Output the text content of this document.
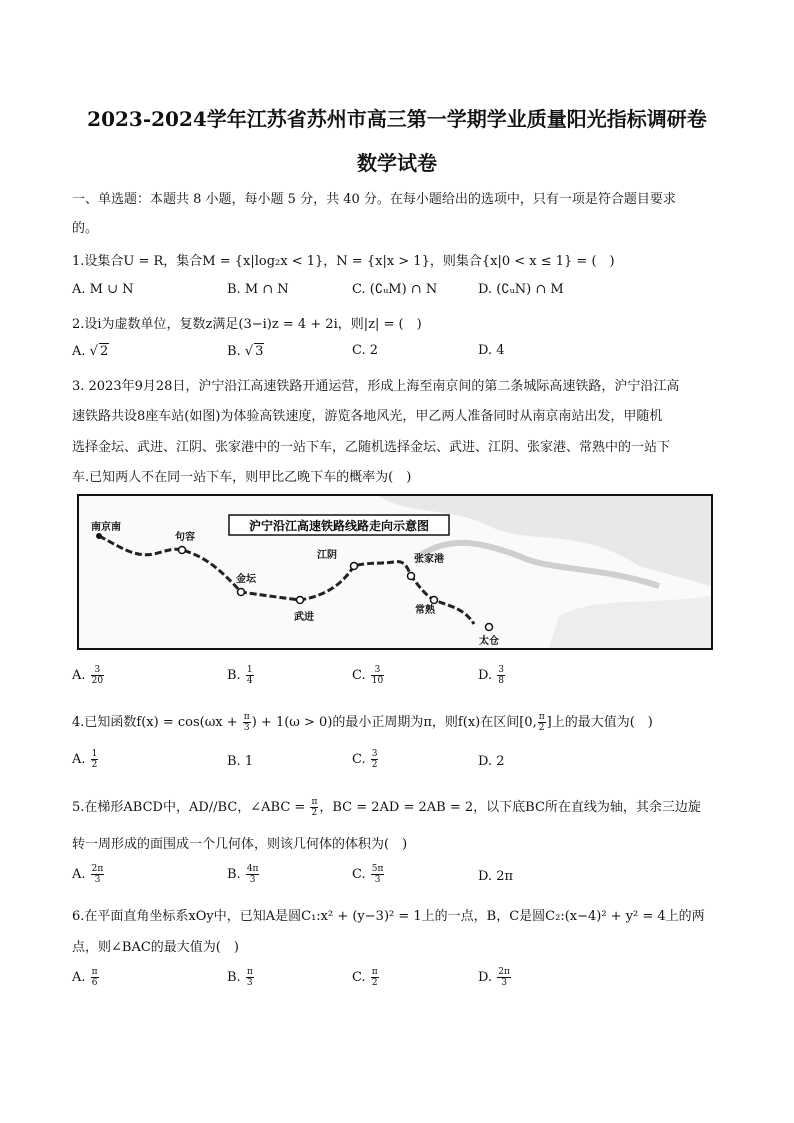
2023-2024学年江苏省苏州市高三第一学期学业质量阳光指标调研卷
数学试卷
一、单选题：本题共 8 小题，每小题 5 分，共 40 分。在每小题给出的选项中，只有一项是符合题目要求
的。
1.设集合U = R，集合M = {x|log₂x < 1}，N = {x|x > 1}，则集合{x|0 < x ≤ 1} = (　)
A. M ∪ N	B. M ∩ N	C. (∁ᵤM) ∩ N	D. (∁ᵤN) ∩ M
2.设i为虚数单位，复数z满足(3−i)z = 4 + 2i，则|z| = (　)
A. √ 2	B. √ 3	C. 2	D. 4
3. 2023年9月28日，沪宁沿江高速铁路开通运营，形成上海至南京间的第二条城际高速铁路，沪宁沿江高
速铁路共设8座车站(如图)为体验高铁速度，游览各地风光，甲乙两人准备同时从南京南站出发，甲随机
选择金坛、武进、江阴、张家港中的一站下车，乙随机选择金坛、武进、江阴、张家港、常熟中的一站下
车.已知两人不在同一站下车，则甲比乙晚下车的概率为(　)
沪宁沿江高速铁路线路走向示意图
南京南
句容
金坛
武进
江阴	张家港
常熟
太仓
A. $\frac{3}{20}$	B. $\frac{1}{4}$	C. $\frac{3}{10}$	D. $\frac{3}{8}$
4.已知函数$f(x) = \cos(\omega x + \frac{\pi}{3}$ ) + 1(ω > 0)的最小正周期为π，则f(x)在区间[0, $\frac{\pi}{2}$ ]上的最大值为(　)
A. $\frac{1}{2}$	B. 1	C. $\frac{3}{2}$	D. 2
5.在梯形ABCD中，AD//BC，∠ABC = $\frac{\pi}{2}$ ，BC = 2AD = 2AB = 2，以下底BC所在直线为轴，其余三边旋
转一周形成的面围成一个几何体，则该几何体的体积为(　)
A. $\frac{2\pi}{3}$	B. $\frac{4\pi}{3}$	C. $\frac{5\pi}{3}$	D. 2π
6.在平面直角坐标系xOy中，已知A是圆C₁:x² + (y−3)² = 1上的一点，B，C是圆C₂:(x−4)² + y² = 4上的两
点，则∠BAC的最大值为(　)
A. $\frac{\pi}{6}$	B. $\frac{\pi}{3}$	C. $\frac{\pi}{2}$	D. $\frac{2\pi}{3}$
